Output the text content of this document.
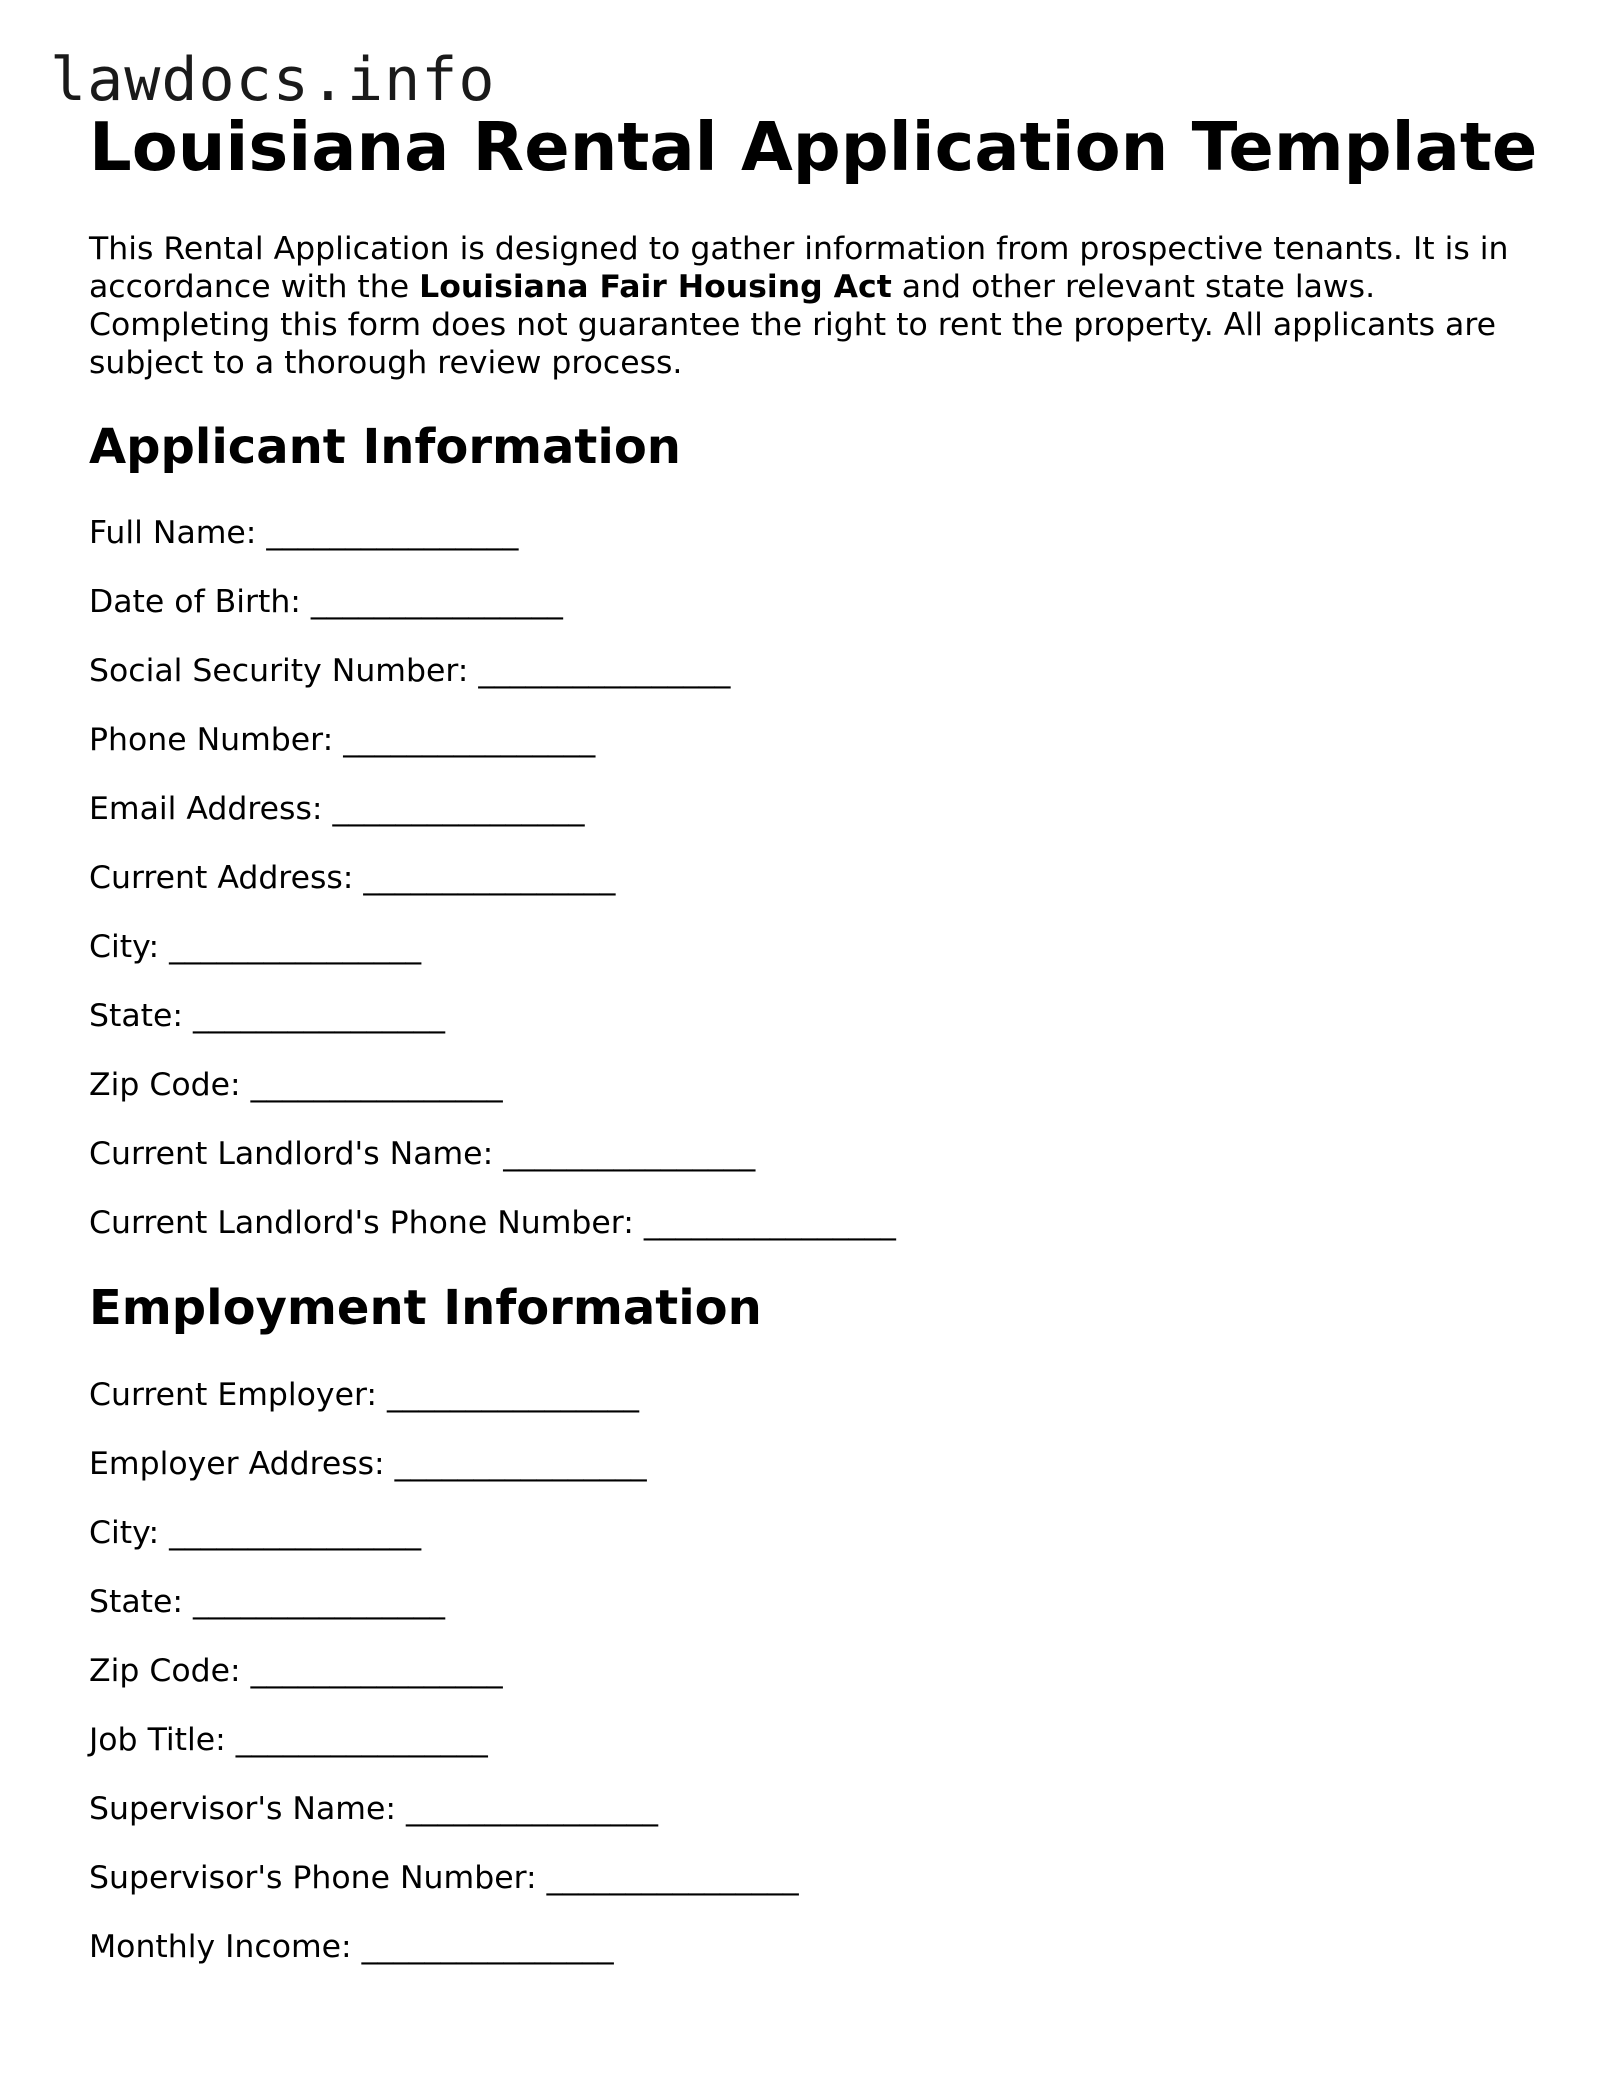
lawdocs.info
Louisiana Rental Application Template

This Rental Application is designed to gather information from prospective tenants. It is in accordance with the Louisiana Fair Housing Act and other relevant state laws. Completing this form does not guarantee the right to rent the property. All applicants are subject to a thorough review process.

Applicant Information
Full Name: ________________
Date of Birth: ________________
Social Security Number: ________________
Phone Number: ________________
Email Address: ________________
Current Address: ________________
City: ________________
State: ________________
Zip Code: ________________
Current Landlord's Name: ________________
Current Landlord's Phone Number: ________________
Employment Information
Current Employer: ________________
Employer Address: ________________
City: ________________
State: ________________
Zip Code: ________________
Job Title: ________________
Supervisor's Name: ________________
Supervisor's Phone Number: ________________
Monthly Income: ________________
